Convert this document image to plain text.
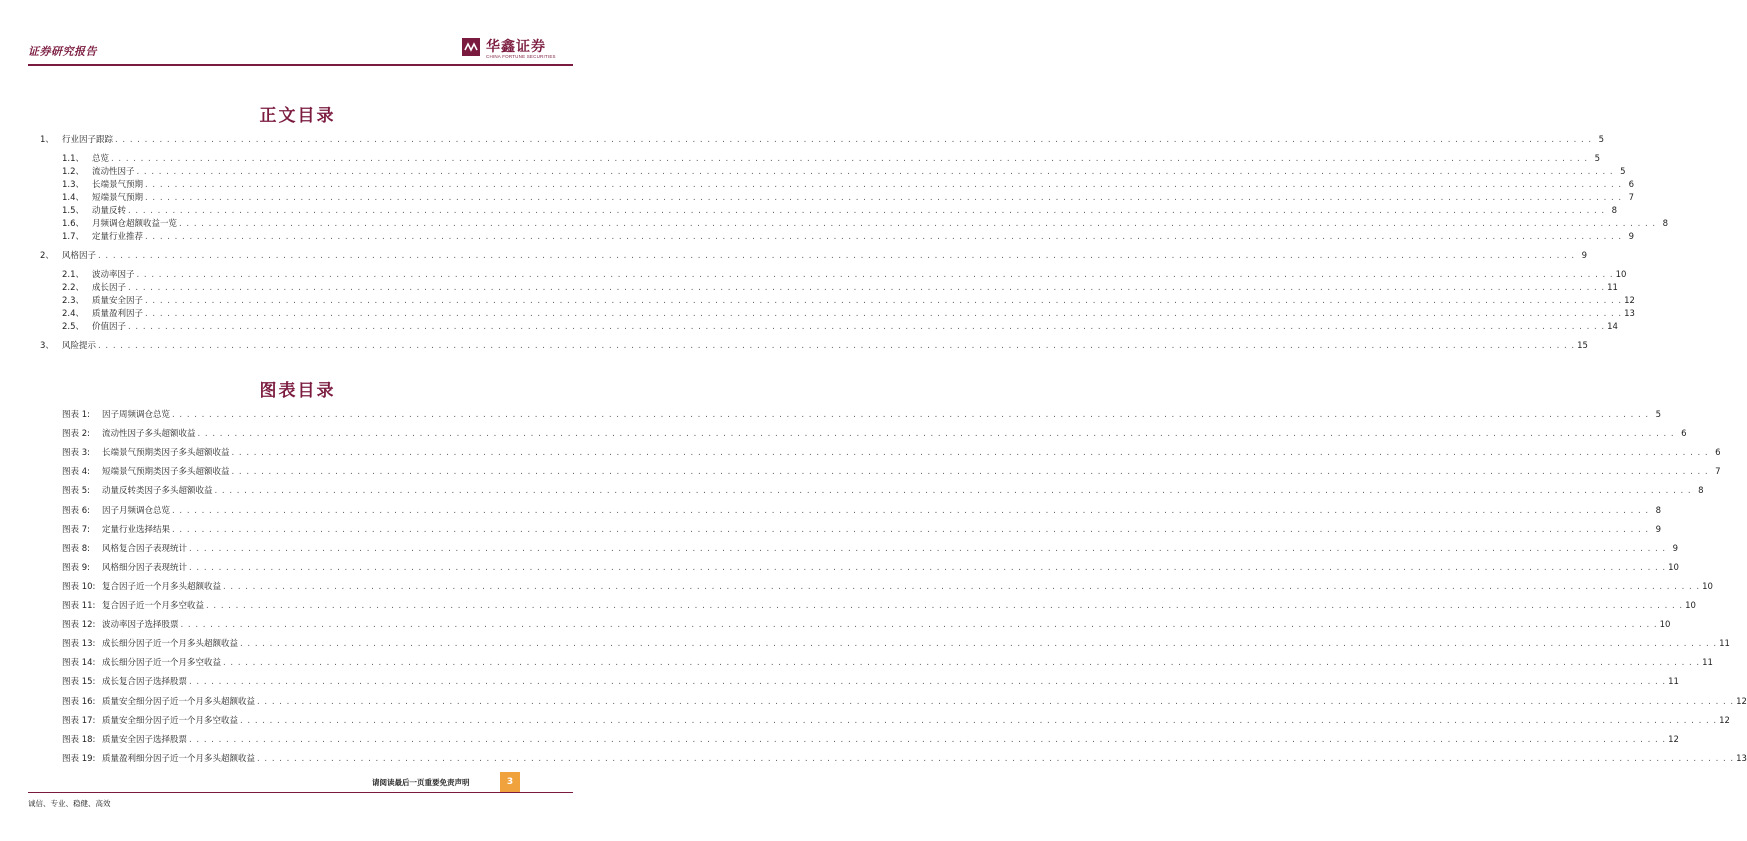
证券研究报告	华鑫证券
CHINA FORTUNE SECURITIES
正文目录
1、 行业因子跟踪 . . . . . . . . . . . . . . . . . . . . . . . . . . . . . . . . . . . . . . . . . . . . . . . . . . . . . . . . . . . . . . . . . . . . . . . . . . . . . . . . . . . . . . . . . . . . . . . . . . . . . . . . . . . . . . . . . . . . . . . . . . . . . . . . . . . . . . . . . . . . . . . . . . . . . . . . . . . . . . . . . . . . . . . . . . . . . . . . . . . . . . . . . . . . . . . . . . . . . . . . 5
1.1、 总览 . . . . . . . . . . . . . . . . . . . . . . . . . . . . . . . . . . . . . . . . . . . . . . . . . . . . . . . . . . . . . . . . . . . . . . . . . . . . . . . . . . . . . . . . . . . . . . . . . . . . . . . . . . . . . . . . . . . . . . . . . . . . . . . . . . . . . . . . . . . . . . . . . . . . . . . . . . . . . . . . . . . . . . . . . . . . . . . . . . . . . . . . . . . . . . . . . . . . . . . . 5
1.2、 流动性因子 . . . . . . . . . . . . . . . . . . . . . . . . . . . . . . . . . . . . . . . . . . . . . . . . . . . . . . . . . . . . . . . . . . . . . . . . . . . . . . . . . . . . . . . . . . . . . . . . . . . . . . . . . . . . . . . . . . . . . . . . . . . . . . . . . . . . . . . . . . . . . . . . . . . . . . . . . . . . . . . . . . . . . . . . . . . . . . . . . . . . . . . . . . . . . . . . . . . . . . . . 5
1.3、 长端景气预期 . . . . . . . . . . . . . . . . . . . . . . . . . . . . . . . . . . . . . . . . . . . . . . . . . . . . . . . . . . . . . . . . . . . . . . . . . . . . . . . . . . . . . . . . . . . . . . . . . . . . . . . . . . . . . . . . . . . . . . . . . . . . . . . . . . . . . . . . . . . . . . . . . . . . . . . . . . . . . . . . . . . . . . . . . . . . . . . . . . . . . . . . . . . . . . . . . . . . . . . . 6
1.4、 短端景气预期 . . . . . . . . . . . . . . . . . . . . . . . . . . . . . . . . . . . . . . . . . . . . . . . . . . . . . . . . . . . . . . . . . . . . . . . . . . . . . . . . . . . . . . . . . . . . . . . . . . . . . . . . . . . . . . . . . . . . . . . . . . . . . . . . . . . . . . . . . . . . . . . . . . . . . . . . . . . . . . . . . . . . . . . . . . . . . . . . . . . . . . . . . . . . . . . . . . . . . . . . 7
1.5、 动量反转 . . . . . . . . . . . . . . . . . . . . . . . . . . . . . . . . . . . . . . . . . . . . . . . . . . . . . . . . . . . . . . . . . . . . . . . . . . . . . . . . . . . . . . . . . . . . . . . . . . . . . . . . . . . . . . . . . . . . . . . . . . . . . . . . . . . . . . . . . . . . . . . . . . . . . . . . . . . . . . . . . . . . . . . . . . . . . . . . . . . . . . . . . . . . . . . . . . . . . . . . 8
1.6、 月频调仓超额收益一览 . . . . . . . . . . . . . . . . . . . . . . . . . . . . . . . . . . . . . . . . . . . . . . . . . . . . . . . . . . . . . . . . . . . . . . . . . . . . . . . . . . . . . . . . . . . . . . . . . . . . . . . . . . . . . . . . . . . . . . . . . . . . . . . . . . . . . . . . . . . . . . . . . . . . . . . . . . . . . . . . . . . . . . . . . . . . . . . . . . . . . . . . . . . . . . . . . . . . . . . . 8
1.7、 定量行业推荐 . . . . . . . . . . . . . . . . . . . . . . . . . . . . . . . . . . . . . . . . . . . . . . . . . . . . . . . . . . . . . . . . . . . . . . . . . . . . . . . . . . . . . . . . . . . . . . . . . . . . . . . . . . . . . . . . . . . . . . . . . . . . . . . . . . . . . . . . . . . . . . . . . . . . . . . . . . . . . . . . . . . . . . . . . . . . . . . . . . . . . . . . . . . . . . . . . . . . . . . . 9
2、 风格因子 . . . . . . . . . . . . . . . . . . . . . . . . . . . . . . . . . . . . . . . . . . . . . . . . . . . . . . . . . . . . . . . . . . . . . . . . . . . . . . . . . . . . . . . . . . . . . . . . . . . . . . . . . . . . . . . . . . . . . . . . . . . . . . . . . . . . . . . . . . . . . . . . . . . . . . . . . . . . . . . . . . . . . . . . . . . . . . . . . . . . . . . . . . . . . . . . . . . . . . . . 9
2.1、 波动率因子 . . . . . . . . . . . . . . . . . . . . . . . . . . . . . . . . . . . . . . . . . . . . . . . . . . . . . . . . . . . . . . . . . . . . . . . . . . . . . . . . . . . . . . . . . . . . . . . . . . . . . . . . . . . . . . . . . . . . . . . . . . . . . . . . . . . . . . . . . . . . . . . . . . . . . . . . . . . . . . . . . . . . . . . . . . . . . . . . . . . . . . . . . . . . . . . . . . . . . . . . 10
2.2、 成长因子 . . . . . . . . . . . . . . . . . . . . . . . . . . . . . . . . . . . . . . . . . . . . . . . . . . . . . . . . . . . . . . . . . . . . . . . . . . . . . . . . . . . . . . . . . . . . . . . . . . . . . . . . . . . . . . . . . . . . . . . . . . . . . . . . . . . . . . . . . . . . . . . . . . . . . . . . . . . . . . . . . . . . . . . . . . . . . . . . . . . . . . . . . . . . . . . . . . . . . . . . 11
2.3、 质量安全因子 . . . . . . . . . . . . . . . . . . . . . . . . . . . . . . . . . . . . . . . . . . . . . . . . . . . . . . . . . . . . . . . . . . . . . . . . . . . . . . . . . . . . . . . . . . . . . . . . . . . . . . . . . . . . . . . . . . . . . . . . . . . . . . . . . . . . . . . . . . . . . . . . . . . . . . . . . . . . . . . . . . . . . . . . . . . . . . . . . . . . . . . . . . . . . . . . . . . . . . . . 12
2.4、 质量盈利因子 . . . . . . . . . . . . . . . . . . . . . . . . . . . . . . . . . . . . . . . . . . . . . . . . . . . . . . . . . . . . . . . . . . . . . . . . . . . . . . . . . . . . . . . . . . . . . . . . . . . . . . . . . . . . . . . . . . . . . . . . . . . . . . . . . . . . . . . . . . . . . . . . . . . . . . . . . . . . . . . . . . . . . . . . . . . . . . . . . . . . . . . . . . . . . . . . . . . . . . . . 13
2.5、 价值因子 . . . . . . . . . . . . . . . . . . . . . . . . . . . . . . . . . . . . . . . . . . . . . . . . . . . . . . . . . . . . . . . . . . . . . . . . . . . . . . . . . . . . . . . . . . . . . . . . . . . . . . . . . . . . . . . . . . . . . . . . . . . . . . . . . . . . . . . . . . . . . . . . . . . . . . . . . . . . . . . . . . . . . . . . . . . . . . . . . . . . . . . . . . . . . . . . . . . . . . . . 14
3、 风险提示 . . . . . . . . . . . . . . . . . . . . . . . . . . . . . . . . . . . . . . . . . . . . . . . . . . . . . . . . . . . . . . . . . . . . . . . . . . . . . . . . . . . . . . . . . . . . . . . . . . . . . . . . . . . . . . . . . . . . . . . . . . . . . . . . . . . . . . . . . . . . . . . . . . . . . . . . . . . . . . . . . . . . . . . . . . . . . . . . . . . . . . . . . . . . . . . . . . . . . . . . 15
图表目录
图表 1:	因子周频调仓总览 . . . . . . . . . . . . . . . . . . . . . . . . . . . . . . . . . . . . . . . . . . . . . . . . . . . . . . . . . . . . . . . . . . . . . . . . . . . . . . . . . . . . . . . . . . . . . . . . . . . . . . . . . . . . . . . . . . . . . . . . . . . . . . . . . . . . . . . . . . . . . . . . . . . . . . . . . . . . . . . . . . . . . . . . . . . . . . . . . . . . . . . . . . . . . . . . . . . . . . . . 5
图表 2:	流动性因子多头超额收益 . . . . . . . . . . . . . . . . . . . . . . . . . . . . . . . . . . . . . . . . . . . . . . . . . . . . . . . . . . . . . . . . . . . . . . . . . . . . . . . . . . . . . . . . . . . . . . . . . . . . . . . . . . . . . . . . . . . . . . . . . . . . . . . . . . . . . . . . . . . . . . . . . . . . . . . . . . . . . . . . . . . . . . . . . . . . . . . . . . . . . . . . . . . . . . . . . . . . . . . . 6
图表 3:	长端景气预期类因子多头超额收益 . . . . . . . . . . . . . . . . . . . . . . . . . . . . . . . . . . . . . . . . . . . . . . . . . . . . . . . . . . . . . . . . . . . . . . . . . . . . . . . . . . . . . . . . . . . . . . . . . . . . . . . . . . . . . . . . . . . . . . . . . . . . . . . . . . . . . . . . . . . . . . . . . . . . . . . . . . . . . . . . . . . . . . . . . . . . . . . . . . . . . . . . . . . . . . . . . . . . . . . . 6
图表 4:	短端景气预期类因子多头超额收益 . . . . . . . . . . . . . . . . . . . . . . . . . . . . . . . . . . . . . . . . . . . . . . . . . . . . . . . . . . . . . . . . . . . . . . . . . . . . . . . . . . . . . . . . . . . . . . . . . . . . . . . . . . . . . . . . . . . . . . . . . . . . . . . . . . . . . . . . . . . . . . . . . . . . . . . . . . . . . . . . . . . . . . . . . . . . . . . . . . . . . . . . . . . . . . . . . . . . . . . . 7
图表 5:	动量反转类因子多头超额收益 . . . . . . . . . . . . . . . . . . . . . . . . . . . . . . . . . . . . . . . . . . . . . . . . . . . . . . . . . . . . . . . . . . . . . . . . . . . . . . . . . . . . . . . . . . . . . . . . . . . . . . . . . . . . . . . . . . . . . . . . . . . . . . . . . . . . . . . . . . . . . . . . . . . . . . . . . . . . . . . . . . . . . . . . . . . . . . . . . . . . . . . . . . . . . . . . . . . . . . . . 8
图表 6:	因子月频调仓总览 . . . . . . . . . . . . . . . . . . . . . . . . . . . . . . . . . . . . . . . . . . . . . . . . . . . . . . . . . . . . . . . . . . . . . . . . . . . . . . . . . . . . . . . . . . . . . . . . . . . . . . . . . . . . . . . . . . . . . . . . . . . . . . . . . . . . . . . . . . . . . . . . . . . . . . . . . . . . . . . . . . . . . . . . . . . . . . . . . . . . . . . . . . . . . . . . . . . . . . . . 8
图表 7:	定量行业选择结果 . . . . . . . . . . . . . . . . . . . . . . . . . . . . . . . . . . . . . . . . . . . . . . . . . . . . . . . . . . . . . . . . . . . . . . . . . . . . . . . . . . . . . . . . . . . . . . . . . . . . . . . . . . . . . . . . . . . . . . . . . . . . . . . . . . . . . . . . . . . . . . . . . . . . . . . . . . . . . . . . . . . . . . . . . . . . . . . . . . . . . . . . . . . . . . . . . . . . . . . . 9
图表 8:	风格复合因子表现统计 . . . . . . . . . . . . . . . . . . . . . . . . . . . . . . . . . . . . . . . . . . . . . . . . . . . . . . . . . . . . . . . . . . . . . . . . . . . . . . . . . . . . . . . . . . . . . . . . . . . . . . . . . . . . . . . . . . . . . . . . . . . . . . . . . . . . . . . . . . . . . . . . . . . . . . . . . . . . . . . . . . . . . . . . . . . . . . . . . . . . . . . . . . . . . . . . . . . . . . . . 9
图表 9:	风格细分因子表现统计 . . . . . . . . . . . . . . . . . . . . . . . . . . . . . . . . . . . . . . . . . . . . . . . . . . . . . . . . . . . . . . . . . . . . . . . . . . . . . . . . . . . . . . . . . . . . . . . . . . . . . . . . . . . . . . . . . . . . . . . . . . . . . . . . . . . . . . . . . . . . . . . . . . . . . . . . . . . . . . . . . . . . . . . . . . . . . . . . . . . . . . . . . . . . . . . . . . . . . . . . 10
图表 10: 复合因子近一个月多头超额收益 . . . . . . . . . . . . . . . . . . . . . . . . . . . . . . . . . . . . . . . . . . . . . . . . . . . . . . . . . . . . . . . . . . . . . . . . . . . . . . . . . . . . . . . . . . . . . . . . . . . . . . . . . . . . . . . . . . . . . . . . . . . . . . . . . . . . . . . . . . . . . . . . . . . . . . . . . . . . . . . . . . . . . . . . . . . . . . . . . . . . . . . . . . . . . . . . . . . . . . . . 10
图表 11: 复合因子近一个月多空收益 . . . . . . . . . . . . . . . . . . . . . . . . . . . . . . . . . . . . . . . . . . . . . . . . . . . . . . . . . . . . . . . . . . . . . . . . . . . . . . . . . . . . . . . . . . . . . . . . . . . . . . . . . . . . . . . . . . . . . . . . . . . . . . . . . . . . . . . . . . . . . . . . . . . . . . . . . . . . . . . . . . . . . . . . . . . . . . . . . . . . . . . . . . . . . . . . . . . . . . . . 10
图表 12: 波动率因子选择股票 . . . . . . . . . . . . . . . . . . . . . . . . . . . . . . . . . . . . . . . . . . . . . . . . . . . . . . . . . . . . . . . . . . . . . . . . . . . . . . . . . . . . . . . . . . . . . . . . . . . . . . . . . . . . . . . . . . . . . . . . . . . . . . . . . . . . . . . . . . . . . . . . . . . . . . . . . . . . . . . . . . . . . . . . . . . . . . . . . . . . . . . . . . . . . . . . . . . . . . . . 10
图表 13: 成长细分因子近一个月多头超额收益 . . . . . . . . . . . . . . . . . . . . . . . . . . . . . . . . . . . . . . . . . . . . . . . . . . . . . . . . . . . . . . . . . . . . . . . . . . . . . . . . . . . . . . . . . . . . . . . . . . . . . . . . . . . . . . . . . . . . . . . . . . . . . . . . . . . . . . . . . . . . . . . . . . . . . . . . . . . . . . . . . . . . . . . . . . . . . . . . . . . . . . . . . . . . . . . . . . . . . . . . 11
图表 14: 成长细分因子近一个月多空收益 . . . . . . . . . . . . . . . . . . . . . . . . . . . . . . . . . . . . . . . . . . . . . . . . . . . . . . . . . . . . . . . . . . . . . . . . . . . . . . . . . . . . . . . . . . . . . . . . . . . . . . . . . . . . . . . . . . . . . . . . . . . . . . . . . . . . . . . . . . . . . . . . . . . . . . . . . . . . . . . . . . . . . . . . . . . . . . . . . . . . . . . . . . . . . . . . . . . . . . . . 11
图表 15: 成长复合因子选择股票 . . . . . . . . . . . . . . . . . . . . . . . . . . . . . . . . . . . . . . . . . . . . . . . . . . . . . . . . . . . . . . . . . . . . . . . . . . . . . . . . . . . . . . . . . . . . . . . . . . . . . . . . . . . . . . . . . . . . . . . . . . . . . . . . . . . . . . . . . . . . . . . . . . . . . . . . . . . . . . . . . . . . . . . . . . . . . . . . . . . . . . . . . . . . . . . . . . . . . . . . 11
图表 16: 质量安全细分因子近一个月多头超额收益 . . . . . . . . . . . . . . . . . . . . . . . . . . . . . . . . . . . . . . . . . . . . . . . . . . . . . . . . . . . . . . . . . . . . . . . . . . . . . . . . . . . . . . . . . . . . . . . . . . . . . . . . . . . . . . . . . . . . . . . . . . . . . . . . . . . . . . . . . . . . . . . . . . . . . . . . . . . . . . . . . . . . . . . . . . . . . . . . . . . . . . . . . . . . . . . . . . . . . . . . 12
图表 17: 质量安全细分因子近一个月多空收益 . . . . . . . . . . . . . . . . . . . . . . . . . . . . . . . . . . . . . . . . . . . . . . . . . . . . . . . . . . . . . . . . . . . . . . . . . . . . . . . . . . . . . . . . . . . . . . . . . . . . . . . . . . . . . . . . . . . . . . . . . . . . . . . . . . . . . . . . . . . . . . . . . . . . . . . . . . . . . . . . . . . . . . . . . . . . . . . . . . . . . . . . . . . . . . . . . . . . . . . . 12
图表 18: 质量安全因子选择股票 . . . . . . . . . . . . . . . . . . . . . . . . . . . . . . . . . . . . . . . . . . . . . . . . . . . . . . . . . . . . . . . . . . . . . . . . . . . . . . . . . . . . . . . . . . . . . . . . . . . . . . . . . . . . . . . . . . . . . . . . . . . . . . . . . . . . . . . . . . . . . . . . . . . . . . . . . . . . . . . . . . . . . . . . . . . . . . . . . . . . . . . . . . . . . . . . . . . . . . . . 12
图表 19: 质量盈利细分因子近一个月多头超额收益 . . . . . . . . . . . . . . . . . . . . . . . . . . . . . . . . . . . . . . . . . . . . . . . . . . . . . . . . . . . . . . . . . . . . . . . . . . . . . . . . . . . . . . . . . . . . . . . . . . . . . . . . . . . . . . . . . . . . . . . . . . . . . . . . . . . . . . . . . . . . . . . . . . . . . . . . . . . . . . . . . . . . . . . . . . . . . . . . . . . . . . . . . . . . . . . . . . . . . . . . 13
请阅读最后一页重要免责声明	3
诚信、专业、稳健、高效
